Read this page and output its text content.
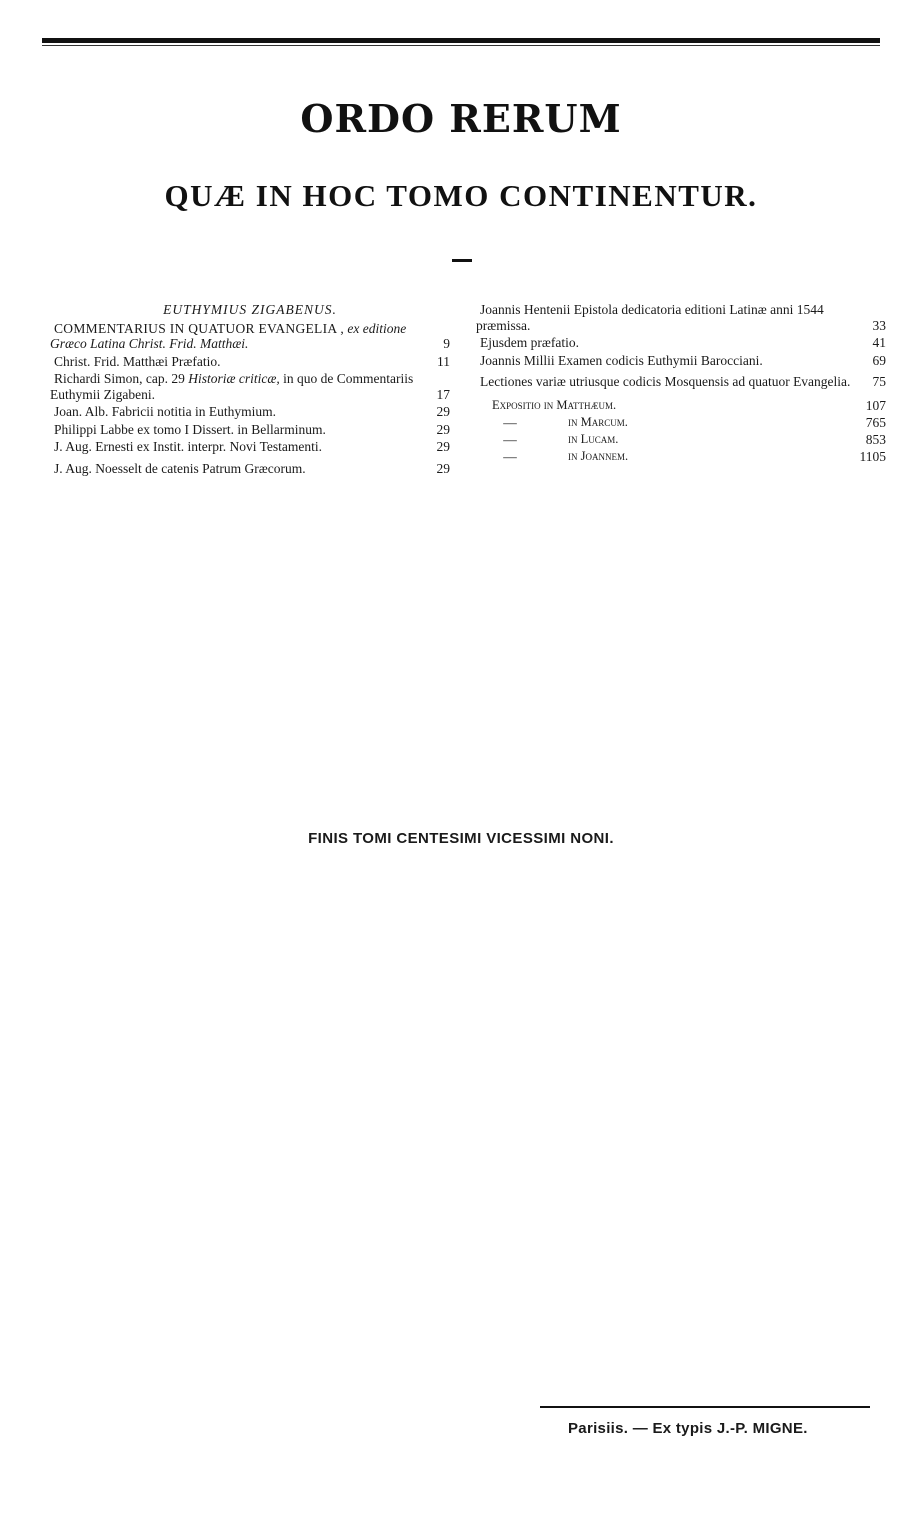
ORDO RERUM
QUÆ IN HOC TOMO CONTINENTUR.
EUTHYMIUS ZIGABENUS.
COMMENTARIUS IN QUATUOR EVANGELIA , ex editione Græco Latina Christ. Frid. Matthæi.	9
Christ. Frid. Matthæi Præfatio.	11
Richardi Simon, cap. 29 Historiæ criticæ, in quo de Commentariis Euthymii Zigabeni.	17
Joan. Alb. Fabricii notitia in Euthymium.	29
Philippi Labbe ex tomo I Dissert. in Bellarminum.	29
J. Aug. Ernesti ex Instit. interpr. Novi Testamenti.	29
J. Aug. Noesselt de catenis Patrum Græcorum.	29
Joannis Hentenii Epistola dedicatoria editioni Latinæ anni 1544 præmissa.	33
Ejusdem præfatio.	41
Joannis Millii Examen codicis Euthymii Barocciani.	69
Lectiones variæ utriusque codicis Mosquensis ad quatuor Evangelia.	75
Expositio in Matthæum.	107
—	in Marcum.	765
—	in Lucam.	853
—	in Joannem.	1105

FINIS TOMI CENTESIMI VICESSIMI NONI.

Parisiis. — Ex typis J.-P. MIGNE.
